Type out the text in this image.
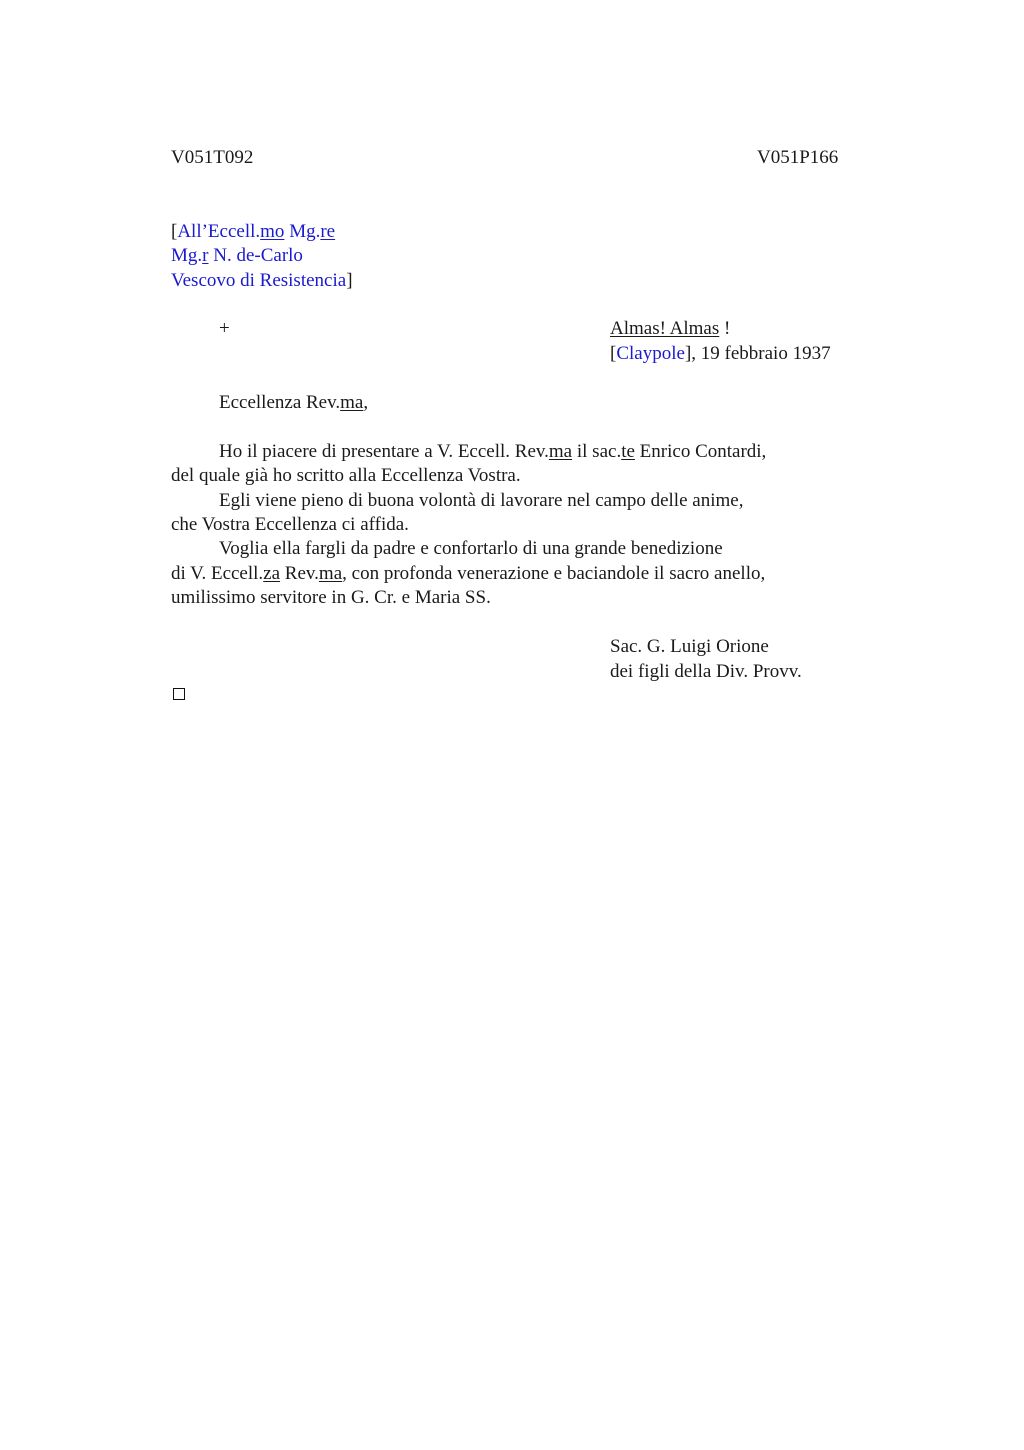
V051T092	V051P166
[All’Eccell.mo Mg.re
Mg.r N. de-Carlo
Vescovo di Resistencia]
+	Almas! Almas !
[Claypole], 19 febbraio 1937
Eccellenza Rev.ma,
Ho il piacere di presentare a V. Eccell. Rev.ma il sac.te Enrico Contardi,
del quale già ho scritto alla Eccellenza Vostra.
Egli viene pieno di buona volontà di lavorare nel campo delle anime,
che Vostra Eccellenza ci affida.
Voglia ella fargli da padre e confortarlo di una grande benedizione
di V. Eccell.za Rev.ma, con profonda venerazione e baciandole il sacro anello,
umilissimo servitore in G. Cr. e Maria SS.
Sac. G. Luigi Orione
dei figli della Div. Provv.
